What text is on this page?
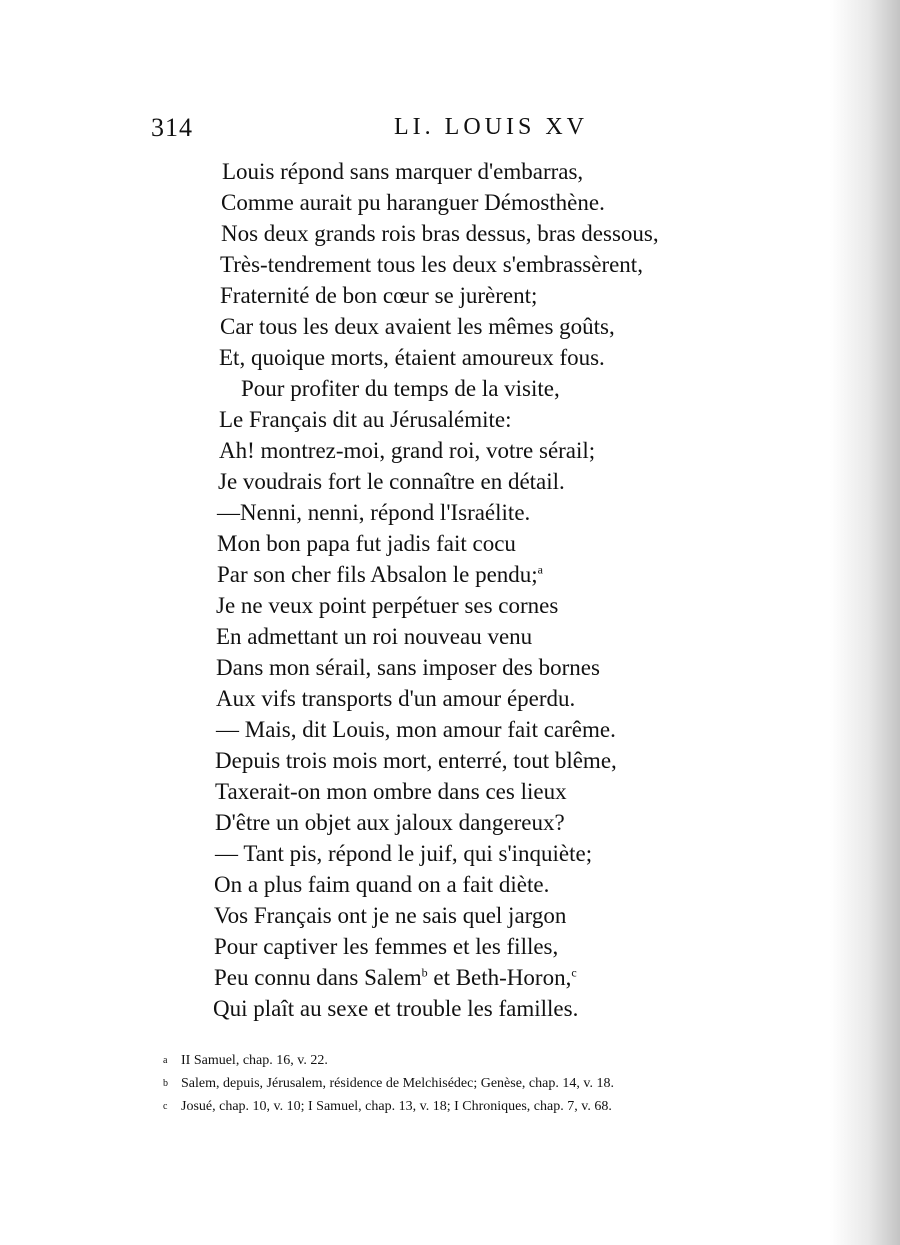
314	LI. LOUIS XV
Louis répond sans marquer d'embarras,
Comme aurait pu haranguer Démosthène.
Nos deux grands rois bras dessus, bras dessous,
Très-tendrement tous les deux s'embrassèrent,
Fraternité de bon cœur se jurèrent;
Car tous les deux avaient les mêmes goûts,
Et, quoique morts, étaient amoureux fous.
Pour profiter du temps de la visite,
Le Français dit au Jérusalémite:
Ah! montrez-moi, grand roi, votre sérail;
Je voudrais fort le connaître en détail.
—Nenni, nenni, répond l'Israélite.
Mon bon papa fut jadis fait cocu
Par son cher fils Absalon le pendu;$^a$
Je ne veux point perpétuer ses cornes
En admettant un roi nouveau venu
Dans mon sérail, sans imposer des bornes
Aux vifs transports d'un amour éperdu.
— Mais, dit Louis, mon amour fait carême.
Depuis trois mois mort, enterré, tout blême,
Taxerait-on mon ombre dans ces lieux
D'être un objet aux jaloux dangereux?
— Tant pis, répond le juif, qui s'inquiète;
On a plus faim quand on a fait diète.
Vos Français ont je ne sais quel jargon
Pour captiver les femmes et les filles,
Peu connu dans Salem$^b$ et Beth-Horon,$^c$
Qui plaît au sexe et trouble les familles.
a II Samuel, chap. 16, v. 22.
b Salem, depuis, Jérusalem, résidence de Melchisédec; Genèse, chap. 14, v. 18.
c Josué, chap. 10, v. 10; I Samuel, chap. 13, v. 18; I Chroniques, chap. 7, v. 68.
